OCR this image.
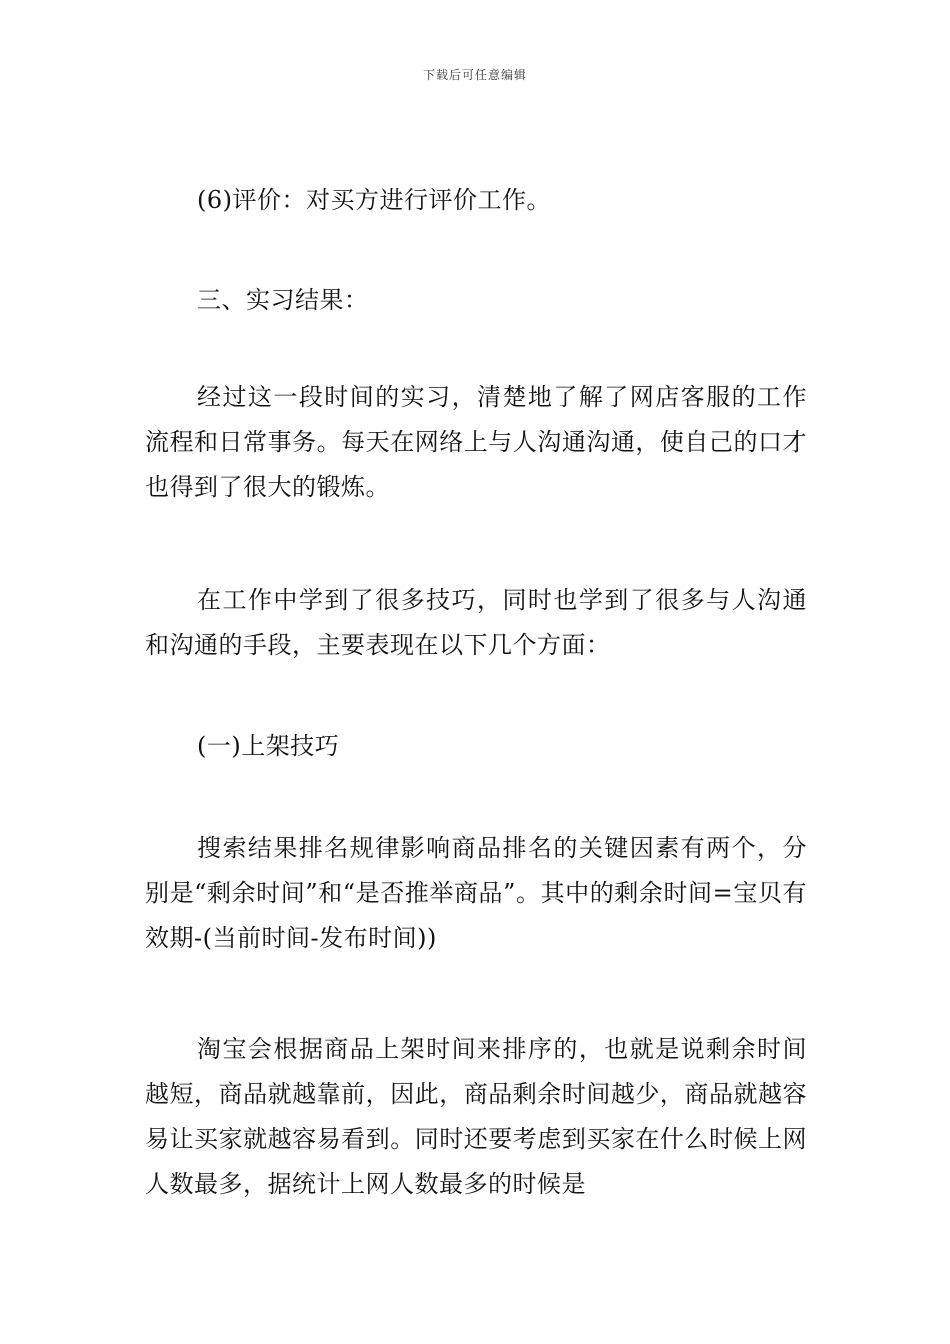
下载后可任意编辑

(6)评价：对买方进行评价工作。

三、实习结果：

经过这一段时间的实习，清楚地了解了网店客服的工作流程和日常事务。每天在网络上与人沟通沟通，使自己的口才也得到了很大的锻炼。

在工作中学到了很多技巧，同时也学到了很多与人沟通和沟通的手段，主要表现在以下几个方面：

(一)上架技巧

搜索结果排名规律影响商品排名的关键因素有两个，分别是“剩余时间”和“是否推举商品”。其中的剩余时间=宝贝有效期-(当前时间-发布时间))

淘宝会根据商品上架时间来排序的，也就是说剩余时间越短，商品就越靠前，因此，商品剩余时间越少，商品就越容易让买家就越容易看到。同时还要考虑到买家在什么时候上网人数最多，据统计上网人数最多的时候是
